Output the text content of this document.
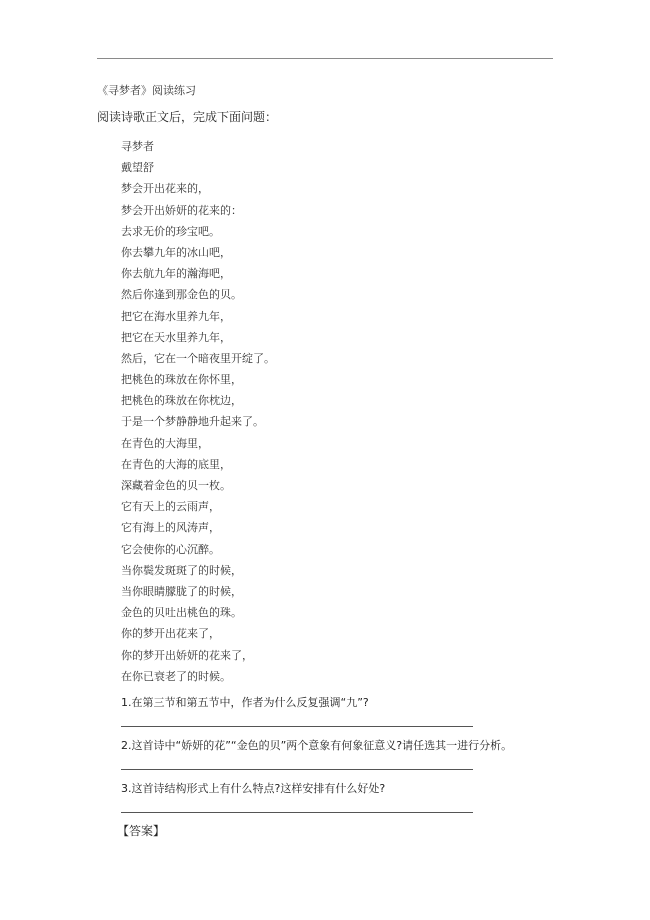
《寻梦者》阅读练习
阅读诗歌正文后，完成下面问题：
寻梦者
戴望舒
梦会开出花来的，
梦会开出娇妍的花来的：
去求无价的珍宝吧。
你去攀九年的冰山吧，
你去航九年的瀚海吧，
然后你逢到那金色的贝。
把它在海水里养九年，
把它在天水里养九年，
然后，它在一个暗夜里开绽了。
把桃色的珠放在你怀里，
把桃色的珠放在你枕边，
于是一个梦静静地升起来了。
在青色的大海里，
在青色的大海的底里，
深藏着金色的贝一枚。
它有天上的云雨声，
它有海上的风涛声，
它会使你的心沉醉。
当你鬓发斑斑了的时候，
当你眼睛朦胧了的时候，
金色的贝吐出桃色的珠。
你的梦开出花来了，
你的梦开出娇妍的花来了，
在你已衰老了的时候。
1.在第三节和第五节中，作者为什么反复强调“九”?
2.这首诗中“娇妍的花”“金色的贝”两个意象有何象征意义?请任选其一进行分析。
3.这首诗结构形式上有什么特点?这样安排有什么好处?
【答案】
